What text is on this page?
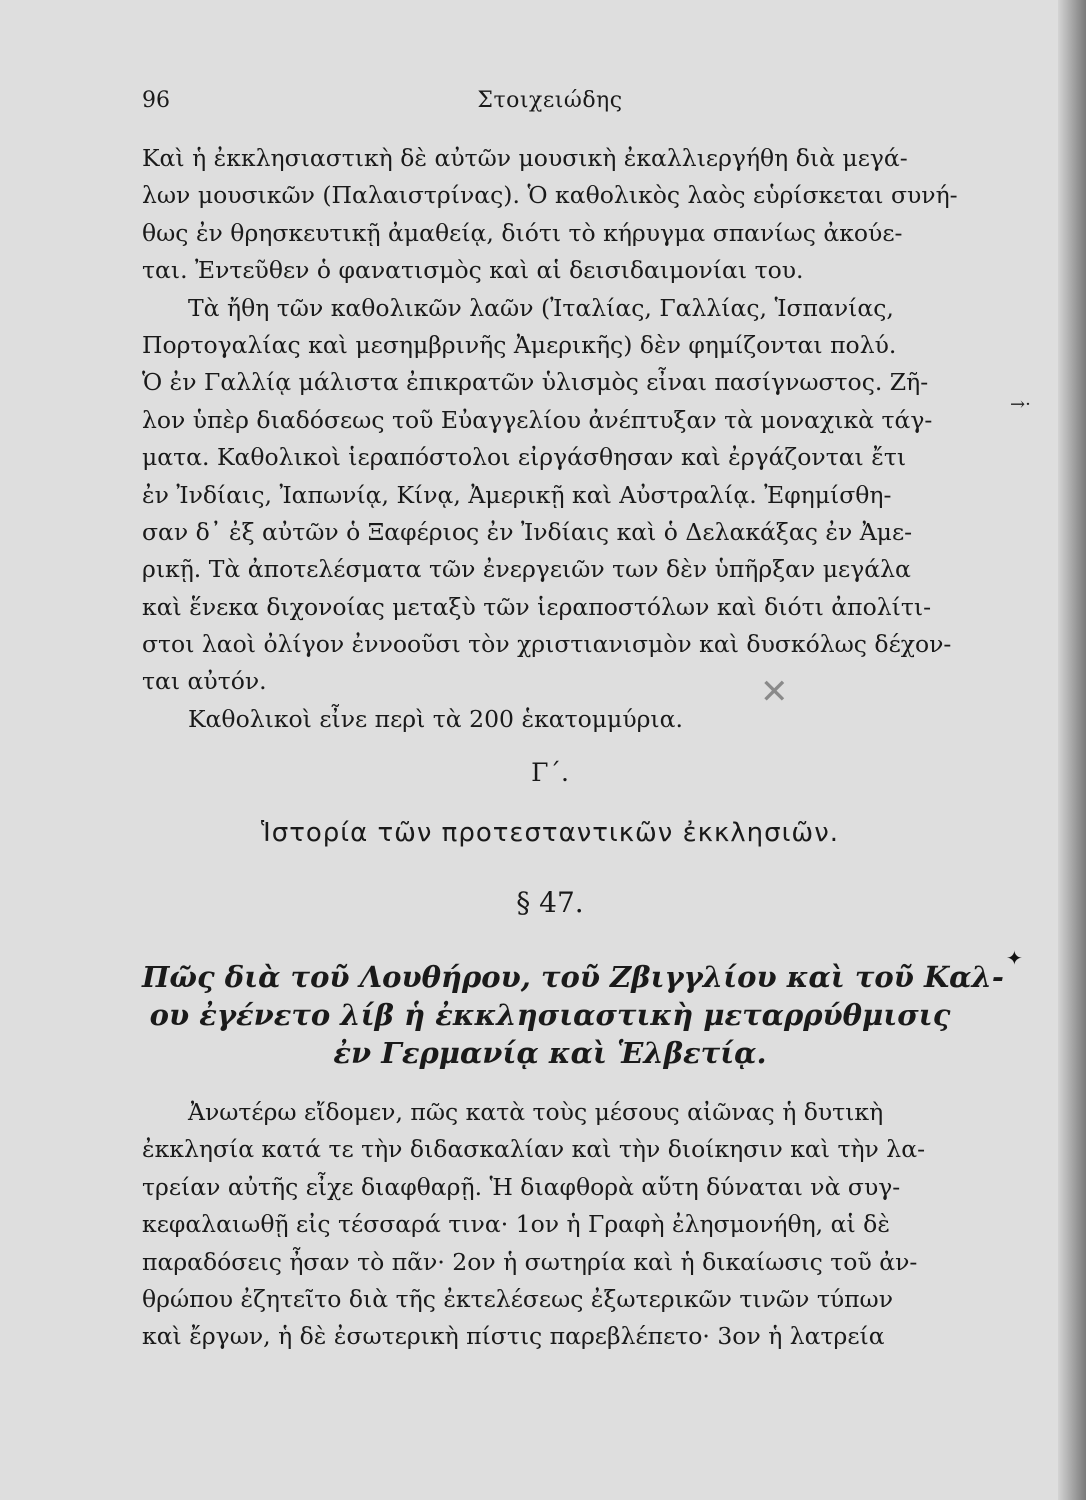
96	Στοιχειώδης
Καὶ ἡ ἐκκλησιαστικὴ δὲ αὐτῶν μουσικὴ ἐκαλλιεργήθη διὰ μεγά-
λων μουσικῶν (Παλαιστρίνας). Ὁ καθολικὸς λαὸς εὑρίσκεται συνή-
θως ἐν θρησκευτικῇ ἀμαθείᾳ, διότι τὸ κήρυγμα σπανίως ἀκούε-
ται. Ἐντεῦθεν ὁ φανατισμὸς καὶ αἱ δεισιδαιμονίαι του.
Τὰ ἤθη τῶν καθολικῶν λαῶν (Ἰταλίας, Γαλλίας, Ἱσπανίας,
Πορτογαλίας καὶ μεσημβρινῆς Ἀμερικῆς) δὲν φημίζονται πολύ.
Ὁ ἐν Γαλλίᾳ μάλιστα ἐπικρατῶν ὑλισμὸς εἶναι πασίγνωστος. Ζῆ-
λον ὑπὲρ διαδόσεως τοῦ Εὐαγγελίου ἀνέπτυξαν τὰ μοναχικὰ τάγ-
ματα. Καθολικοὶ ἱεραπόστολοι εἰργάσθησαν καὶ ἐργάζονται ἔτι
ἐν Ἰνδίαις, Ἰαπωνίᾳ, Κίνᾳ, Ἀμερικῇ καὶ Αὐστραλίᾳ. Ἐφημίσθη-
σαν δ᾽ ἐξ αὐτῶν ὁ Ξαφέριος ἐν Ἰνδίαις καὶ ὁ Δελακάξας ἐν Ἀμε-
ρικῇ. Τὰ ἀποτελέσματα τῶν ἐνεργειῶν των δὲν ὑπῆρξαν μεγάλα
καὶ ἕνεκα διχονοίας μεταξὺ τῶν ἱεραποστόλων καὶ διότι ἀπολίτι-
στοι λαοὶ ὀλίγον ἐννοοῦσι τὸν χριστιανισμὸν καὶ δυσκόλως δέχον-
ται αὐτόν.
Καθολικοὶ εἶνε περὶ τὰ 200 ἑκατομμύρια.
Γ΄.
Ἱστορία τῶν προτεσταντικῶν ἐκκλησιῶν.
§ 47.
Πῶς διὰ τοῦ Λουθήρου, τοῦ Ζβιγγλίου καὶ τοῦ Καλ-
ου ἐγένετο λίβ ἡ ἐκκλησιαστικὴ μεταρρύθμισις
ἐν Γερμανίᾳ καὶ Ἑλβετίᾳ.
Ἀνωτέρω εἴδομεν, πῶς κατὰ τοὺς μέσους αἰῶνας ἡ δυτικὴ
ἐκκλησία κατά τε τὴν διδασκαλίαν καὶ τὴν διοίκησιν καὶ τὴν λα-
τρείαν αὐτῆς εἶχε διαφθαρῇ. Ἡ διαφθορὰ αὕτη δύναται νὰ συγ-
κεφαλαιωθῇ εἰς τέσσαρά τινα· 1ον ἡ Γραφὴ ἐλησμονήθη, αἱ δὲ
παραδόσεις ἦσαν τὸ πᾶν· 2ον ἡ σωτηρία καὶ ἡ δικαίωσις τοῦ ἀν-
θρώπου ἐζητεῖτο διὰ τῆς ἐκτελέσεως ἐξωτερικῶν τινῶν τύπων
καὶ ἔργων, ἡ δὲ ἐσωτερικὴ πίστις παρεβλέπετο· 3ον ἡ λατρεία
→·
✦
✕
